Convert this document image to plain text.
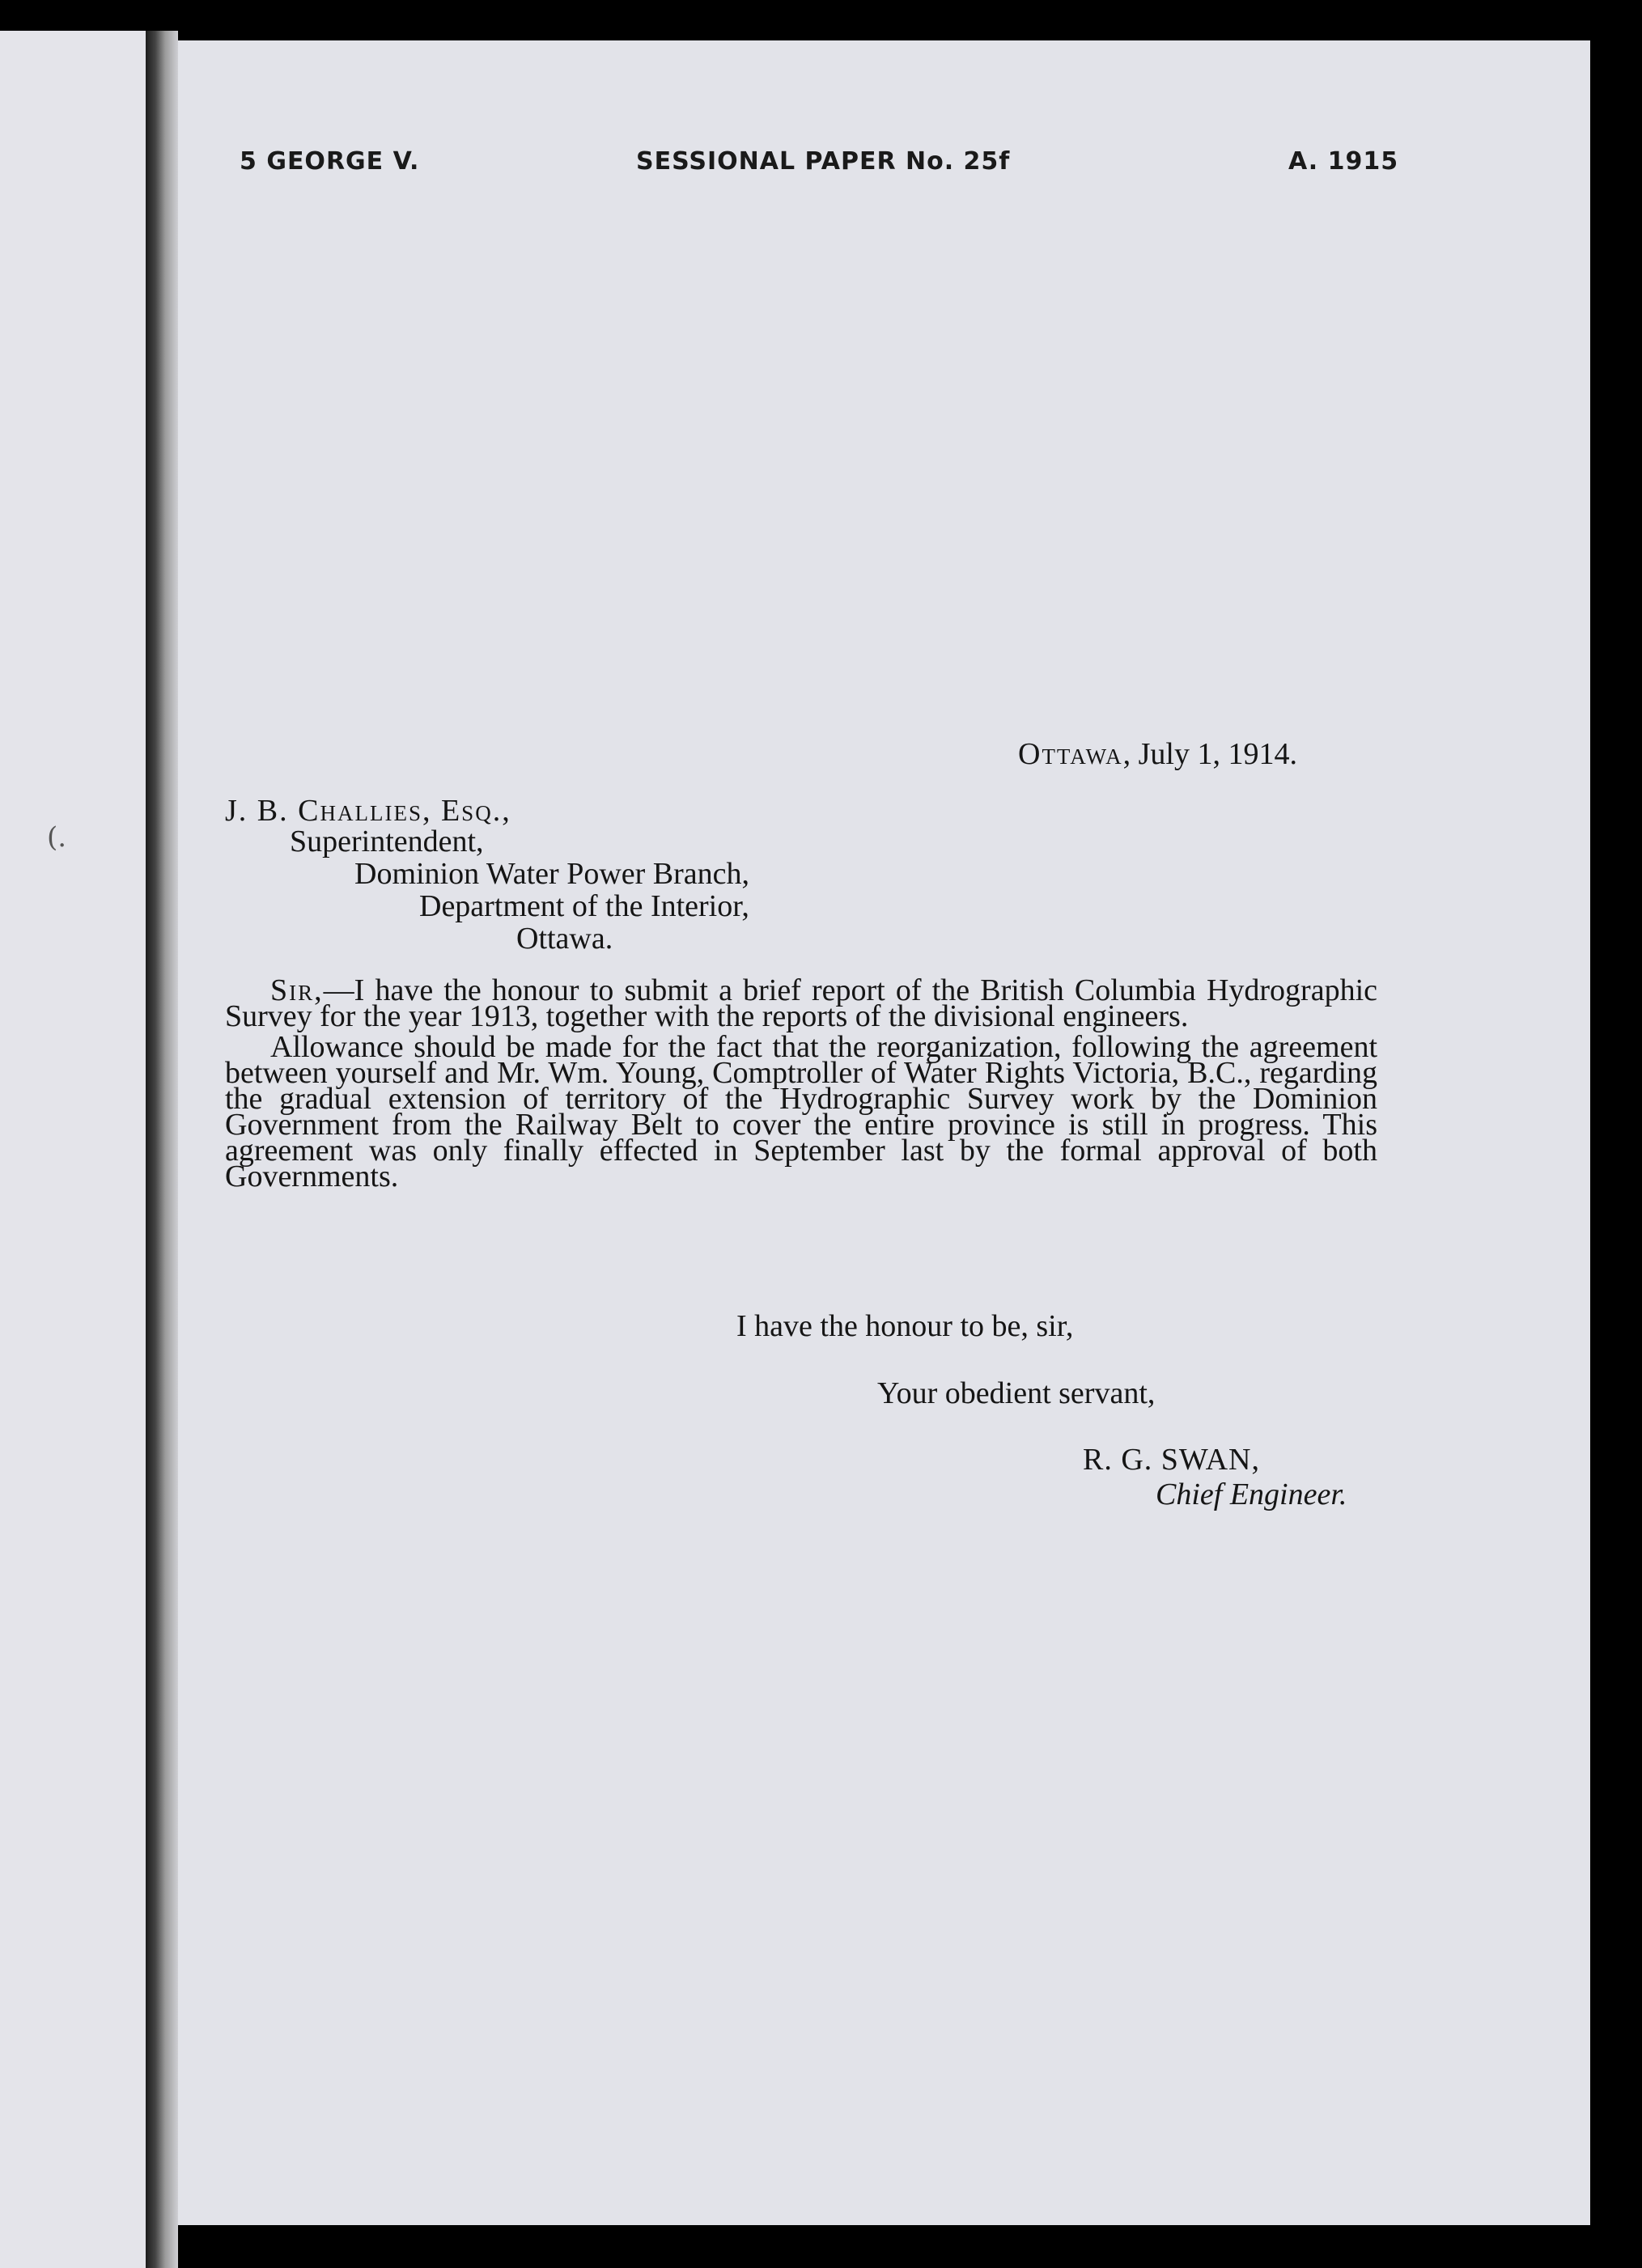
(.
5 GEORGE V.	SESSIONAL PAPER No. 25f	A. 1915
Ottawa, July 1, 1914.
J. B. Challies, Esq.,
Superintendent,
Dominion Water Power Branch,
Department of the Interior,
Ottawa.

Sir,—I have the honour to submit a brief report of the British Columbia Hydrographic Survey for the year 1913, together with the reports of the divisional engineers.

Allowance should be made for the fact that the reorganization, following the agreement between yourself and Mr. Wm. Young, Comptroller of Water Rights Victoria, B.C., regarding the gradual extension of territory of the Hydrographic Survey work by the Dominion Government from the Railway Belt to cover the entire province is still in progress. This agreement was only finally effected in September last by the formal approval of both Governments.

I have the honour to be, sir,
Your obedient servant,
R. G. SWAN,
Chief Engineer.
